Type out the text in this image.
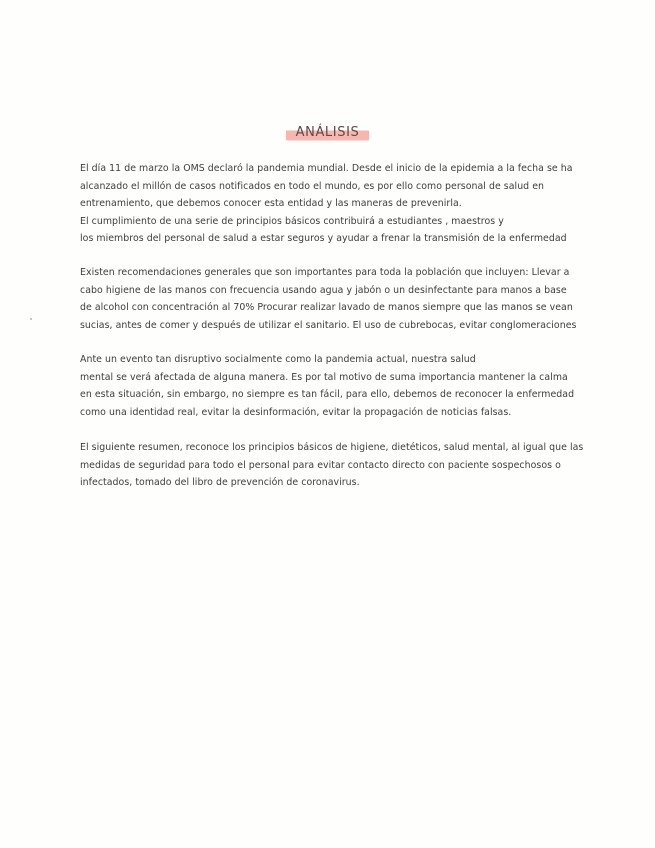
ANÁLISIS

El día 11 de marzo la OMS declaró la pandemia mundial. Desde el inicio de la epidemia a la fecha se ha
alcanzado el millón de casos notificados en todo el mundo, es por ello como personal de salud en
entrenamiento, que debemos conocer esta entidad y las maneras de prevenirla.
El cumplimiento de una serie de principios básicos contribuirá a estudiantes , maestros y
los miembros del personal de salud a estar seguros y ayudar a frenar la transmisión de la enfermedad

Existen recomendaciones generales que son importantes para toda la población que incluyen: Llevar a
cabo higiene de las manos con frecuencia usando agua y jabón o un desinfectante para manos a base
de alcohol con concentración al 70% Procurar realizar lavado de manos siempre que las manos se vean
sucias, antes de comer y después de utilizar el sanitario. El uso de cubrebocas, evitar conglomeraciones

Ante un evento tan disruptivo socialmente como la pandemia actual, nuestra salud
mental se verá afectada de alguna manera. Es por tal motivo de suma importancia mantener la calma
en esta situación, sin embargo, no siempre es tan fácil, para ello, debemos de reconocer la enfermedad
como una identidad real, evitar la desinformación, evitar la propagación de noticias falsas.

El siguiente resumen, reconoce los principios básicos de higiene, dietéticos, salud mental, al igual que las
medidas de seguridad para todo el personal para evitar contacto directo con paciente sospechosos o
infectados, tomado del libro de prevención de coronavirus.
